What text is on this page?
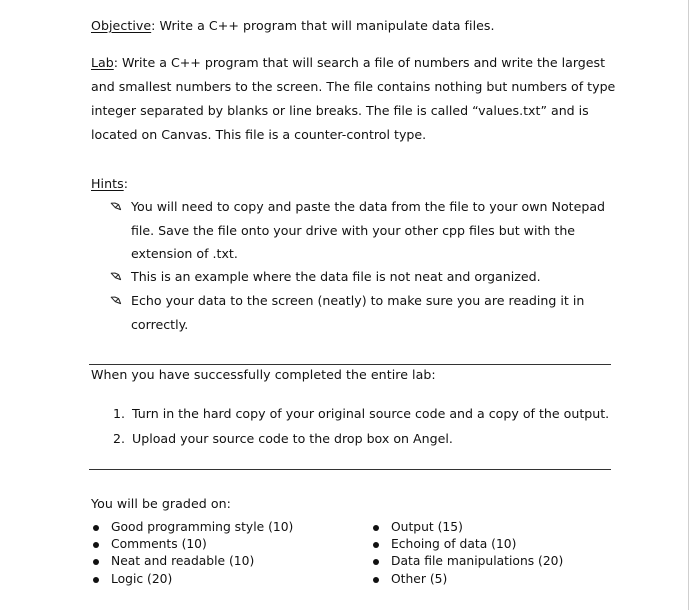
Objective: Write a C++ program that will manipulate data files.
Lab: Write a C++ program that will search a file of numbers and write the largest
and smallest numbers to the screen. The file contains nothing but numbers of type
integer separated by blanks or line breaks. The file is called “values.txt” and is
located on Canvas. This file is a counter-control type.
Hints:
You will need to copy and paste the data from the file to your own Notepad
file. Save the file onto your drive with your other cpp files but with the
extension of .txt.
This is an example where the data file is not neat and organized.
Echo your data to the screen (neatly) to make sure you are reading it in
correctly.
When you have successfully completed the entire lab:
1. Turn in the hard copy of your original source code and a copy of the output.
2. Upload your source code to the drop box on Angel.
You will be graded on:
Good programming style (10)
Comments (10)
Neat and readable (10)
Logic (20)
Output (15)
Echoing of data (10)
Data file manipulations (20)
Other (5)
